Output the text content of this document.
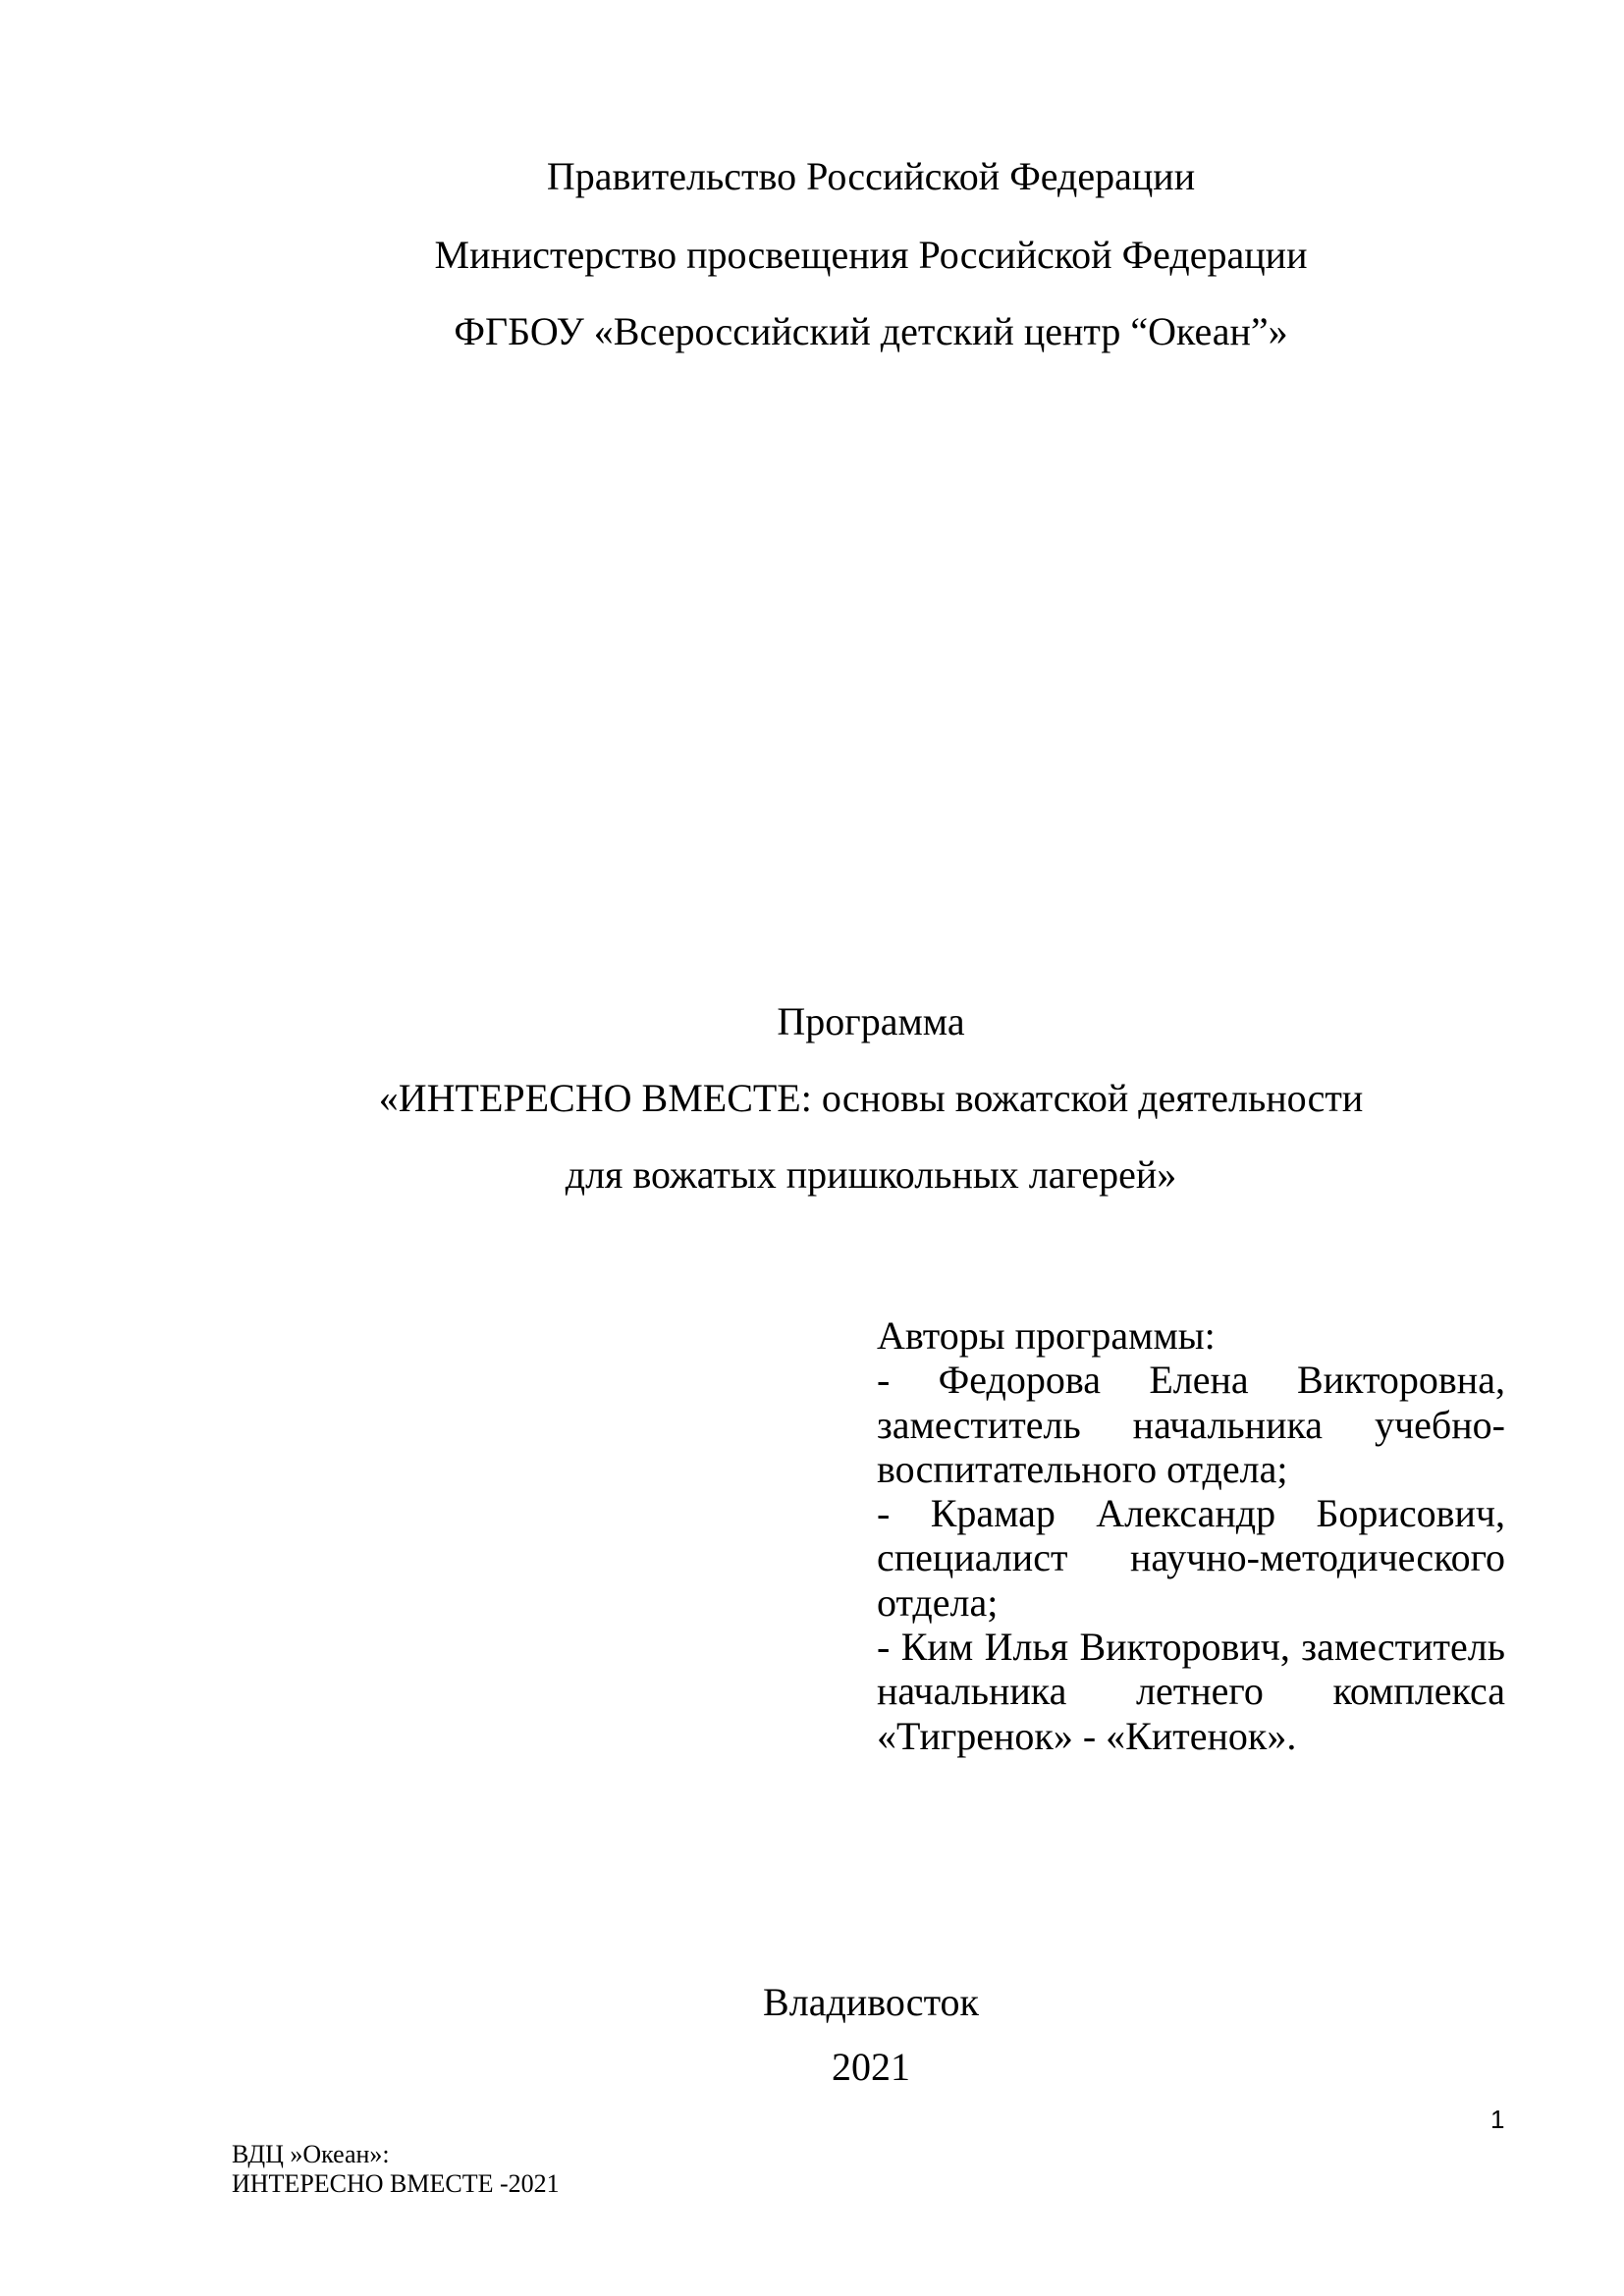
Правительство Российской Федерации
Министерство просвещения Российской Федерации
ФГБОУ «Всероссийский детский центр “Океан”»
Программа
«ИНТЕРЕСНО ВМЕСТЕ: основы вожатской деятельности
для вожатых пришкольных лагерей»
Авторы программы:
- Федорова Елена Викторовна,
заместитель начальника учебно-
воспитательного отдела;
- Крамар Александр Борисович,
специалист научно-методического
отдела;
- Ким Илья Викторович, заместитель
начальника летнего комплекса
«Тигренок» - «Китенок».
Владивосток
2021
1
ВДЦ »Океан»:
ИНТЕРЕСНО ВМЕСТЕ -2021
